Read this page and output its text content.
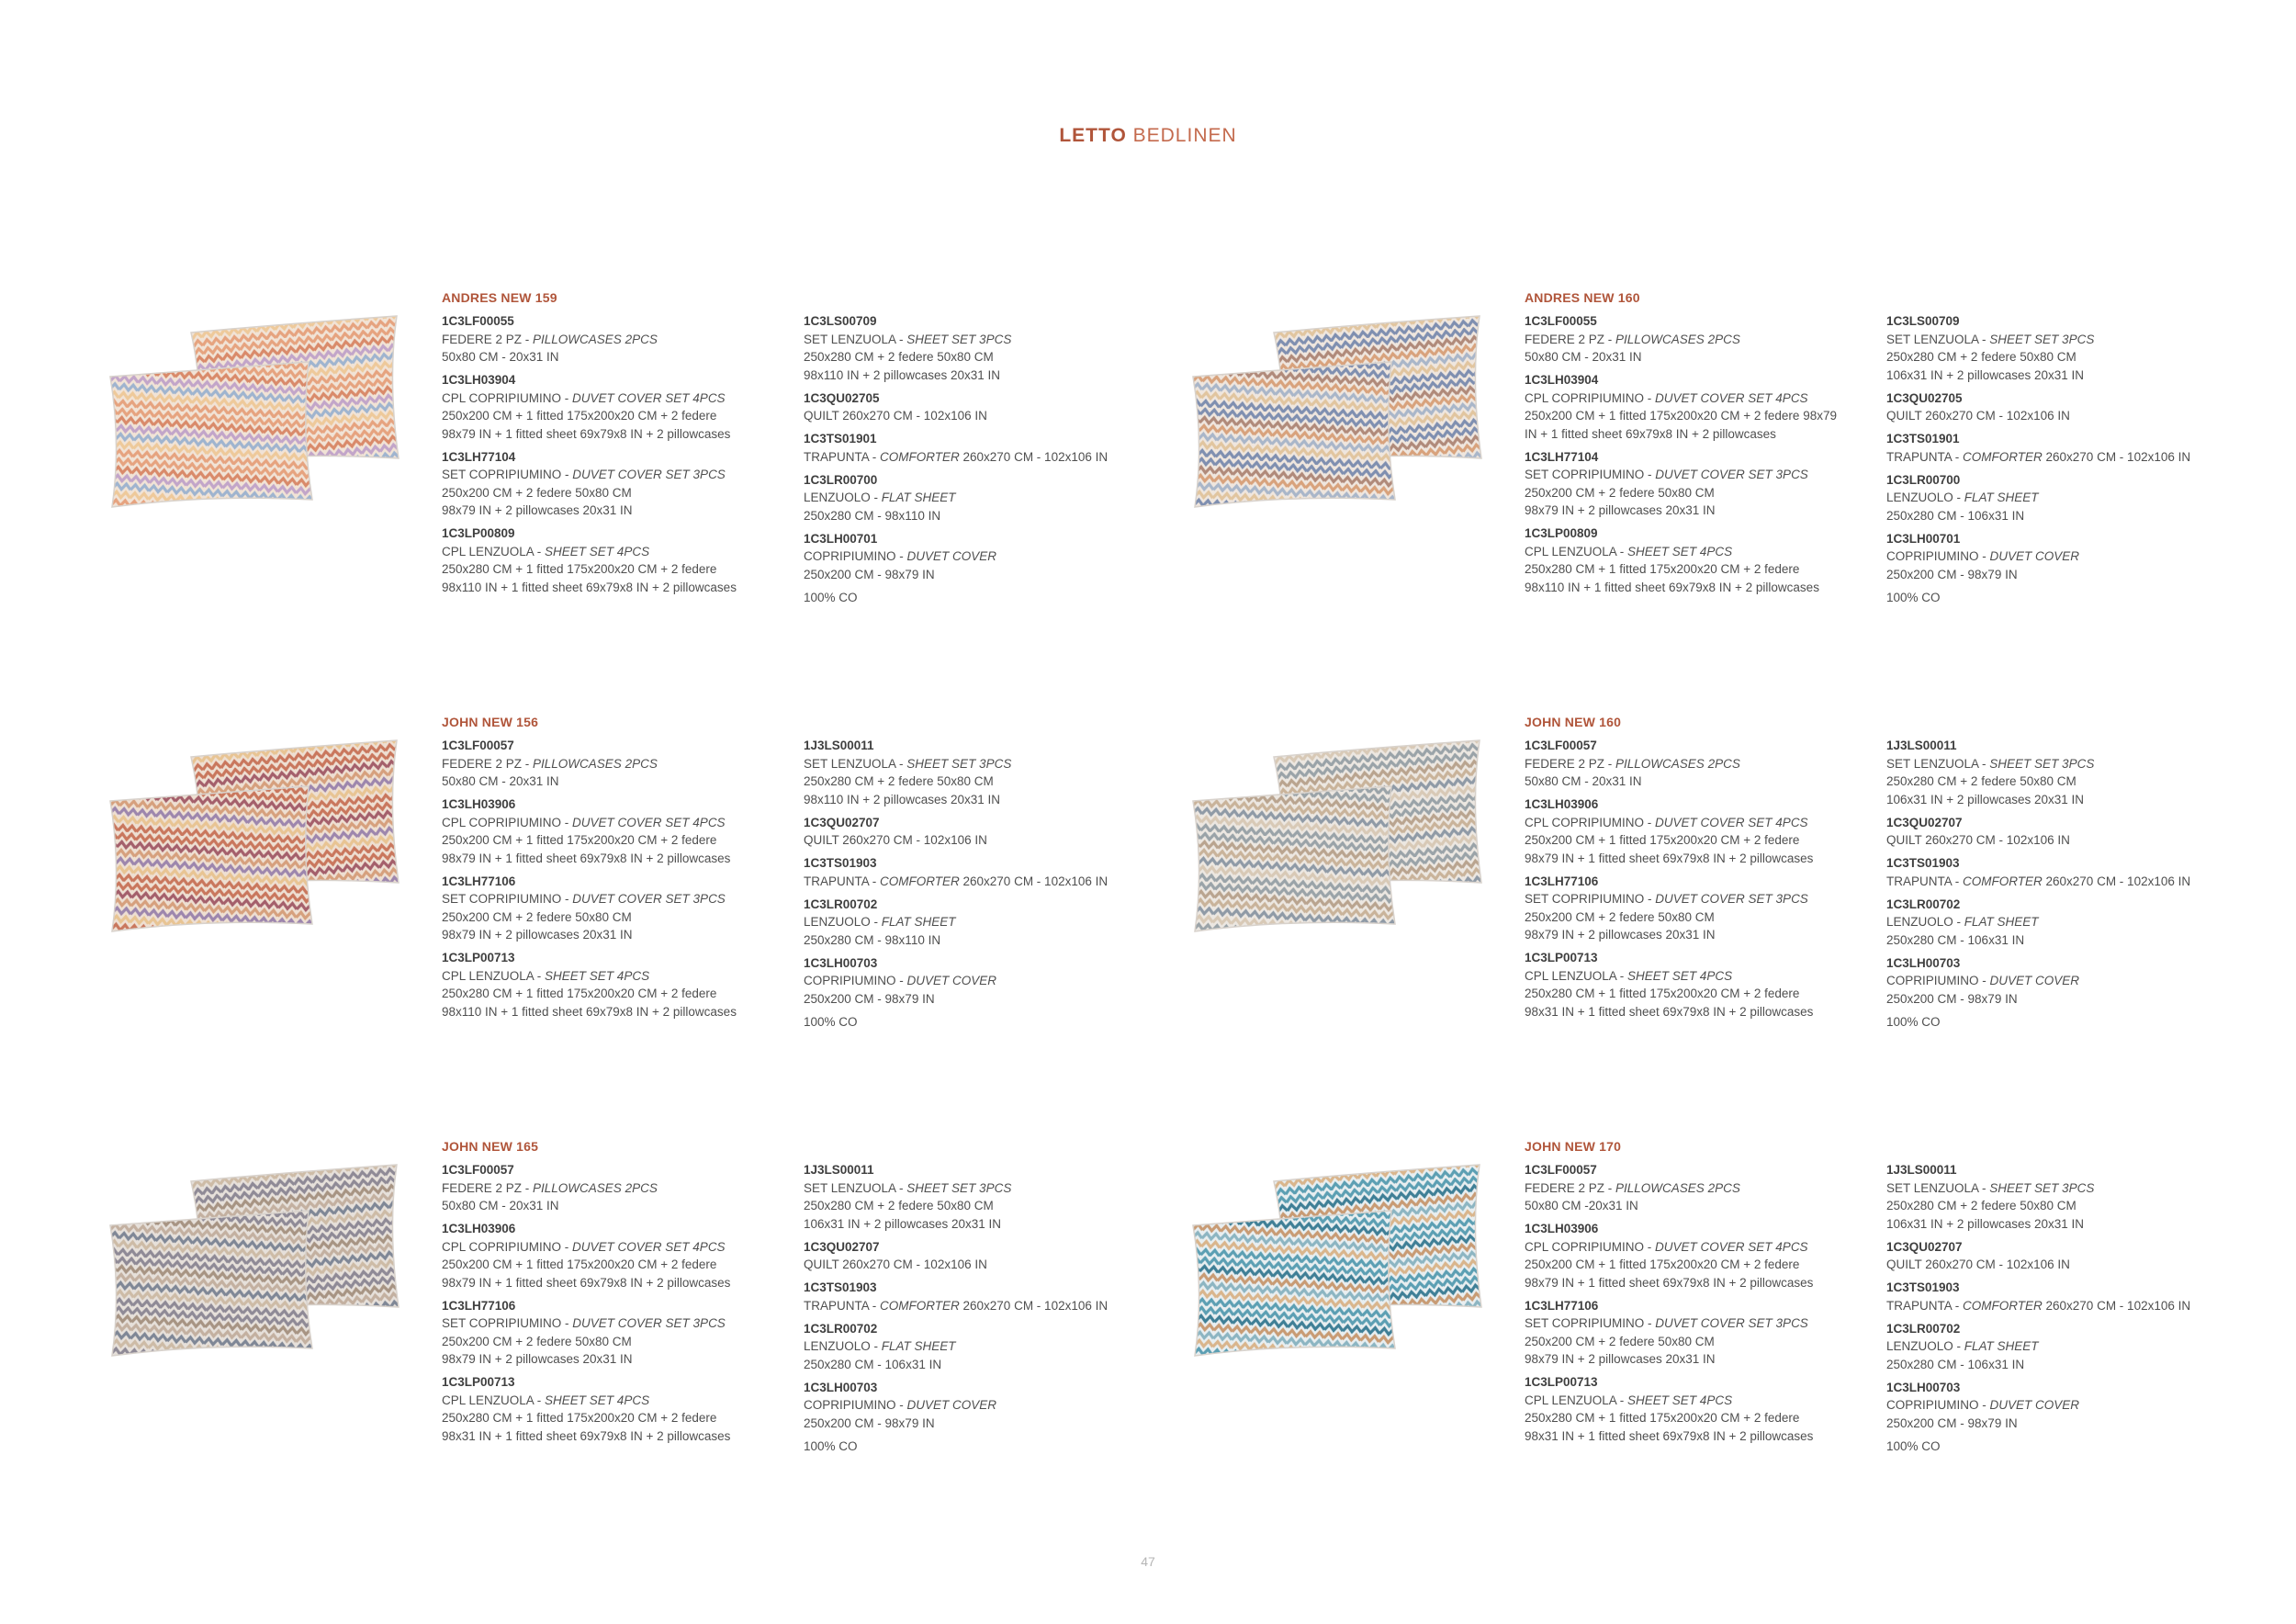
LETTO BEDLINEN
ANDRES NEW 159
1C3LF00055
FEDERE 2 PZ - PILLOWCASES 2PCS
50x80 CM - 20x31 IN
1C3LH03904
CPL COPRIPIUMINO - DUVET COVER SET 4PCS
250x200 CM + 1 fitted 175x200x20 CM + 2 federe
98x79 IN + 1 fitted sheet 69x79x8 IN + 2 pillowcases
1C3LH77104
SET COPRIPIUMINO - DUVET COVER SET 3PCS
250x200 CM + 2 federe 50x80 CM
98x79 IN + 2 pillowcases 20x31 IN
1C3LP00809
CPL LENZUOLA - SHEET SET 4PCS
250x280 CM + 1 fitted 175x200x20 CM + 2 federe
98x110 IN + 1 fitted sheet 69x79x8 IN + 2 pillowcases
1C3LS00709
SET LENZUOLA - SHEET SET 3PCS
250x280 CM + 2 federe 50x80 CM
98x110 IN + 2 pillowcases 20x31 IN
1C3QU02705
QUILT 260x270 CM - 102x106 IN
1C3TS01901
TRAPUNTA - COMFORTER 260x270 CM - 102x106 IN
1C3LR00700
LENZUOLO - FLAT SHEET
250x280 CM - 98x110 IN
1C3LH00701
COPRIPIUMINO - DUVET COVER
250x200 CM - 98x79 IN
100% CO
ANDRES NEW 160
1C3LF00055
FEDERE 2 PZ - PILLOWCASES 2PCS
50x80 CM - 20x31 IN
1C3LH03904
CPL COPRIPIUMINO - DUVET COVER SET 4PCS
250x200 CM + 1 fitted 175x200x20 CM + 2 federe 98x79
IN + 1 fitted sheet 69x79x8 IN + 2 pillowcases
1C3LH77104
SET COPRIPIUMINO - DUVET COVER SET 3PCS
250x200 CM + 2 federe 50x80 CM
98x79 IN + 2 pillowcases 20x31 IN
1C3LP00809
CPL LENZUOLA - SHEET SET 4PCS
250x280 CM + 1 fitted 175x200x20 CM + 2 federe
98x110 IN + 1 fitted sheet 69x79x8 IN + 2 pillowcases
1C3LS00709
SET LENZUOLA - SHEET SET 3PCS
250x280 CM + 2 federe 50x80 CM
106x31 IN + 2 pillowcases 20x31 IN
1C3QU02705
QUILT 260x270 CM - 102x106 IN
1C3TS01901
TRAPUNTA - COMFORTER 260x270 CM - 102x106 IN
1C3LR00700
LENZUOLO - FLAT SHEET
250x280 CM - 106x31 IN
1C3LH00701
COPRIPIUMINO - DUVET COVER
250x200 CM - 98x79 IN
100% CO
JOHN NEW 156
1C3LF00057
FEDERE 2 PZ - PILLOWCASES 2PCS
50x80 CM - 20x31 IN
1C3LH03906
CPL COPRIPIUMINO - DUVET COVER SET 4PCS
250x200 CM + 1 fitted 175x200x20 CM + 2 federe
98x79 IN + 1 fitted sheet 69x79x8 IN + 2 pillowcases
1C3LH77106
SET COPRIPIUMINO - DUVET COVER SET 3PCS
250x200 CM + 2 federe 50x80 CM
98x79 IN + 2 pillowcases 20x31 IN
1C3LP00713
CPL LENZUOLA - SHEET SET 4PCS
250x280 CM + 1 fitted 175x200x20 CM + 2 federe
98x110 IN + 1 fitted sheet 69x79x8 IN + 2 pillowcases
1J3LS00011
SET LENZUOLA - SHEET SET 3PCS
250x280 CM + 2 federe 50x80 CM
98x110 IN + 2 pillowcases 20x31 IN
1C3QU02707
QUILT 260x270 CM - 102x106 IN
1C3TS01903
TRAPUNTA - COMFORTER 260x270 CM - 102x106 IN
1C3LR00702
LENZUOLO - FLAT SHEET
250x280 CM - 98x110 IN
1C3LH00703
COPRIPIUMINO - DUVET COVER
250x200 CM - 98x79 IN
100% CO
JOHN NEW 160
1C3LF00057
FEDERE 2 PZ - PILLOWCASES 2PCS
50x80 CM - 20x31 IN
1C3LH03906
CPL COPRIPIUMINO - DUVET COVER SET 4PCS
250x200 CM + 1 fitted 175x200x20 CM + 2 federe
98x79 IN + 1 fitted sheet 69x79x8 IN + 2 pillowcases
1C3LH77106
SET COPRIPIUMINO - DUVET COVER SET 3PCS
250x200 CM + 2 federe 50x80 CM
98x79 IN + 2 pillowcases 20x31 IN
1C3LP00713
CPL LENZUOLA - SHEET SET 4PCS
250x280 CM + 1 fitted 175x200x20 CM + 2 federe
98x31 IN + 1 fitted sheet 69x79x8 IN + 2 pillowcases
1J3LS00011
SET LENZUOLA - SHEET SET 3PCS
250x280 CM + 2 federe 50x80 CM
106x31 IN + 2 pillowcases 20x31 IN
1C3QU02707
QUILT 260x270 CM - 102x106 IN
1C3TS01903
TRAPUNTA - COMFORTER 260x270 CM - 102x106 IN
1C3LR00702
LENZUOLO - FLAT SHEET
250x280 CM - 106x31 IN
1C3LH00703
COPRIPIUMINO - DUVET COVER
250x200 CM - 98x79 IN
100% CO
JOHN NEW 165
1C3LF00057
FEDERE 2 PZ - PILLOWCASES 2PCS
50x80 CM - 20x31 IN
1C3LH03906
CPL COPRIPIUMINO - DUVET COVER SET 4PCS
250x200 CM + 1 fitted 175x200x20 CM + 2 federe
98x79 IN + 1 fitted sheet 69x79x8 IN + 2 pillowcases
1C3LH77106
SET COPRIPIUMINO - DUVET COVER SET 3PCS
250x200 CM + 2 federe 50x80 CM
98x79 IN + 2 pillowcases 20x31 IN
1C3LP00713
CPL LENZUOLA - SHEET SET 4PCS
250x280 CM + 1 fitted 175x200x20 CM + 2 federe
98x31 IN + 1 fitted sheet 69x79x8 IN + 2 pillowcases
1J3LS00011
SET LENZUOLA - SHEET SET 3PCS
250x280 CM + 2 federe 50x80 CM
106x31 IN + 2 pillowcases 20x31 IN
1C3QU02707
QUILT 260x270 CM - 102x106 IN
1C3TS01903
TRAPUNTA - COMFORTER 260x270 CM - 102x106 IN
1C3LR00702
LENZUOLO - FLAT SHEET
250x280 CM - 106x31 IN
1C3LH00703
COPRIPIUMINO - DUVET COVER
250x200 CM - 98x79 IN
100% CO
JOHN NEW 170
1C3LF00057
FEDERE 2 PZ - PILLOWCASES 2PCS
50x80 CM -20x31 IN
1C3LH03906
CPL COPRIPIUMINO - DUVET COVER SET 4PCS
250x200 CM + 1 fitted 175x200x20 CM + 2 federe
98x79 IN + 1 fitted sheet 69x79x8 IN + 2 pillowcases
1C3LH77106
SET COPRIPIUMINO - DUVET COVER SET 3PCS
250x200 CM + 2 federe 50x80 CM
98x79 IN + 2 pillowcases 20x31 IN
1C3LP00713
CPL LENZUOLA - SHEET SET 4PCS
250x280 CM + 1 fitted 175x200x20 CM + 2 federe
98x31 IN + 1 fitted sheet 69x79x8 IN + 2 pillowcases
1J3LS00011
SET LENZUOLA - SHEET SET 3PCS
250x280 CM + 2 federe 50x80 CM
106x31 IN + 2 pillowcases 20x31 IN
1C3QU02707
QUILT 260x270 CM - 102x106 IN
1C3TS01903
TRAPUNTA - COMFORTER 260x270 CM - 102x106 IN
1C3LR00702
LENZUOLO - FLAT SHEET
250x280 CM - 106x31 IN
1C3LH00703
COPRIPIUMINO - DUVET COVER
250x200 CM - 98x79 IN
100% CO
47
